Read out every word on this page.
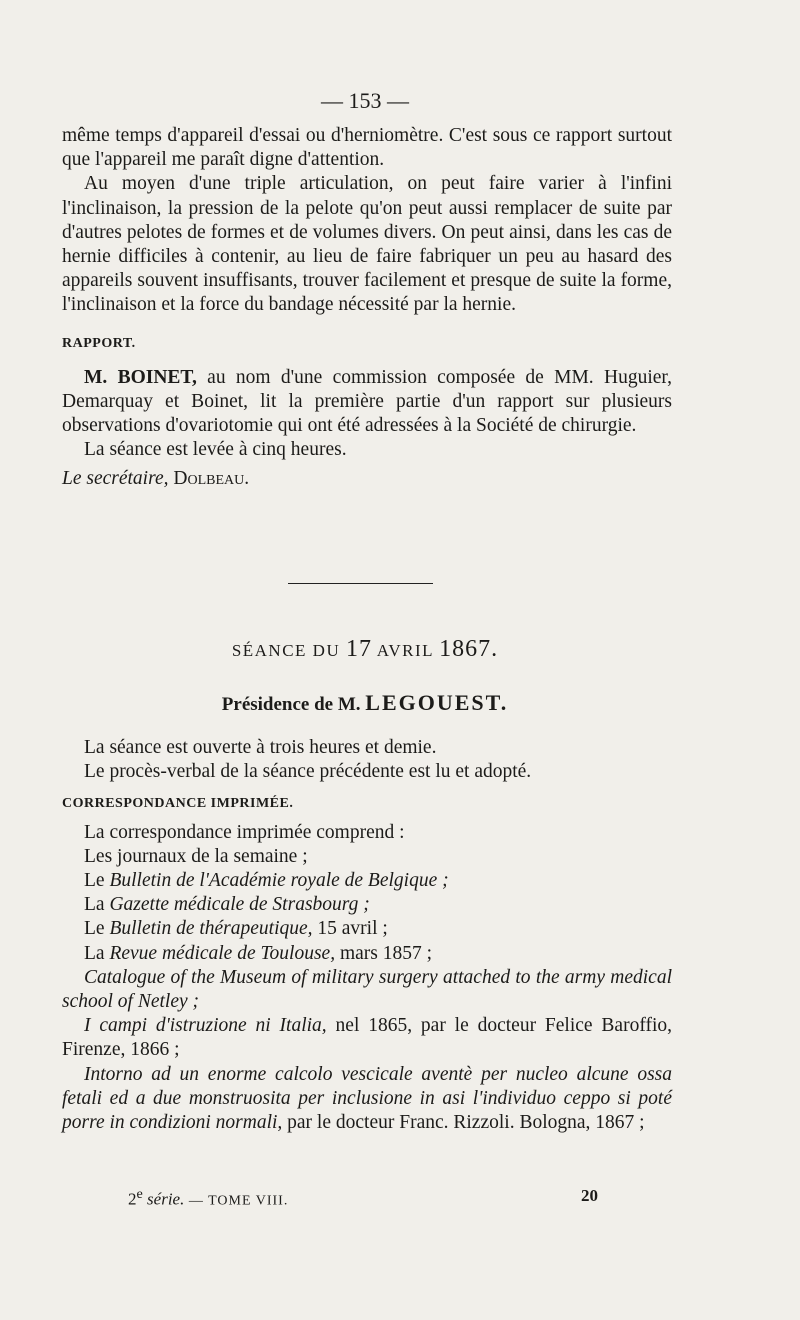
— 153 —

même temps d'appareil d'essai ou d'herniomètre. C'est sous ce rapport surtout que l'appareil me paraît digne d'attention.

Au moyen d'une triple articulation, on peut faire varier à l'infini l'inclinaison, la pression de la pelote qu'on peut aussi remplacer de suite par d'autres pelotes de formes et de volumes divers. On peut ainsi, dans les cas de hernie difficiles à contenir, au lieu de faire fabriquer un peu au hasard des appareils souvent insuffisants, trouver facilement et presque de suite la forme, l'inclinaison et la force du bandage nécessité par la hernie.

RAPPORT.

M. BOINET, au nom d'une commission composée de MM. Huguier, Demarquay et Boinet, lit la première partie d'un rapport sur plusieurs observations d'ovariotomie qui ont été adressées à la Société de chirurgie.

La séance est levée à cinq heures.

Le secrétaire, Dolbeau.

SÉANCE DU 17 AVRIL 1867.
Présidence de M. LEGOUEST.

La séance est ouverte à trois heures et demie.

Le procès-verbal de la séance précédente est lu et adopté.

CORRESPONDANCE IMPRIMÉE.

La correspondance imprimée comprend :

Les journaux de la semaine ;

Le Bulletin de l'Académie royale de Belgique ;

La Gazette médicale de Strasbourg ;

Le Bulletin de thérapeutique, 15 avril ;

La Revue médicale de Toulouse, mars 1857 ;

Catalogue of the Museum of military surgery attached to the army medical school of Netley ;

I campi d'istruzione ni Italia, nel 1865, par le docteur Felice Baroffio, Firenze, 1866 ;

Intorno ad un enorme calcolo vescicale aventè per nucleo alcune ossa fetali ed a due monstruosita per inclusione in asi l'individuo ceppo si poté porre in condizioni normali, par le docteur Franc. Rizzoli. Bologna, 1867 ;

2e série. — TOME VIII.	20
